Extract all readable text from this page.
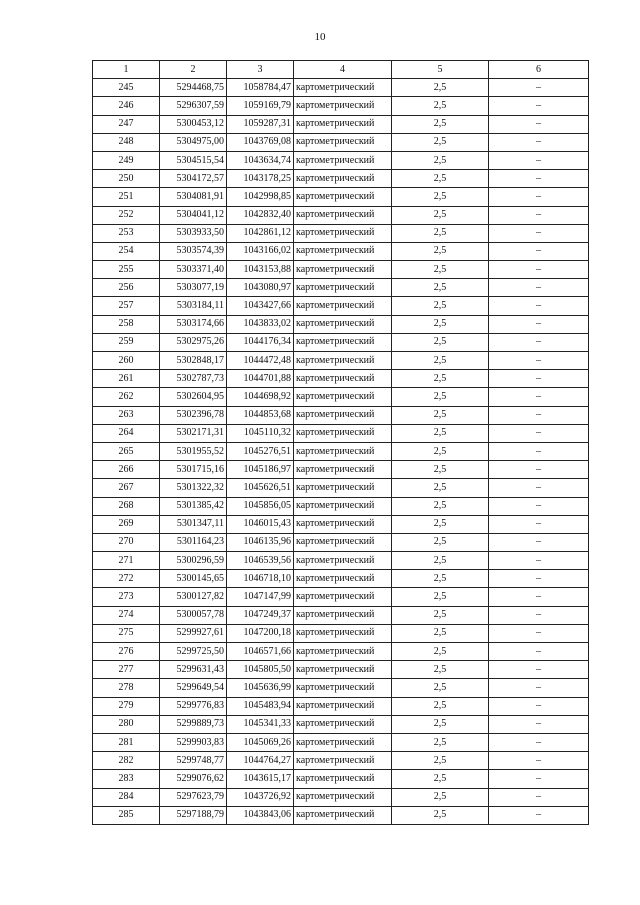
10
1	2	3	4	5	6
245	5294468,75	1058784,47	картометрический	2,5	–
246	5296307,59	1059169,79	картометрический	2,5	–
247	5300453,12	1059287,31	картометрический	2,5	–
248	5304975,00	1043769,08	картометрический	2,5	–
249	5304515,54	1043634,74	картометрический	2,5	–
250	5304172,57	1043178,25	картометрический	2,5	–
251	5304081,91	1042998,85	картометрический	2,5	–
252	5304041,12	1042832,40	картометрический	2,5	–
253	5303933,50	1042861,12	картометрический	2,5	–
254	5303574,39	1043166,02	картометрический	2,5	–
255	5303371,40	1043153,88	картометрический	2,5	–
256	5303077,19	1043080,97	картометрический	2,5	–
257	5303184,11	1043427,66	картометрический	2,5	–
258	5303174,66	1043833,02	картометрический	2,5	–
259	5302975,26	1044176,34	картометрический	2,5	–
260	5302848,17	1044472,48	картометрический	2,5	–
261	5302787,73	1044701,88	картометрический	2,5	–
262	5302604,95	1044698,92	картометрический	2,5	–
263	5302396,78	1044853,68	картометрический	2,5	–
264	5302171,31	1045110,32	картометрический	2,5	–
265	5301955,52	1045276,51	картометрический	2,5	–
266	5301715,16	1045186,97	картометрический	2,5	–
267	5301322,32	1045626,51	картометрический	2,5	–
268	5301385,42	1045856,05	картометрический	2,5	–
269	5301347,11	1046015,43	картометрический	2,5	–
270	5301164,23	1046135,96	картометрический	2,5	–
271	5300296,59	1046539,56	картометрический	2,5	–
272	5300145,65	1046718,10	картометрический	2,5	–
273	5300127,82	1047147,99	картометрический	2,5	–
274	5300057,78	1047249,37	картометрический	2,5	–
275	5299927,61	1047200,18	картометрический	2,5	–
276	5299725,50	1046571,66	картометрический	2,5	–
277	5299631,43	1045805,50	картометрический	2,5	–
278	5299649,54	1045636,99	картометрический	2,5	–
279	5299776,83	1045483,94	картометрический	2,5	–
280	5299889,73	1045341,33	картометрический	2,5	–
281	5299903,83	1045069,26	картометрический	2,5	–
282	5299748,77	1044764,27	картометрический	2,5	–
283	5299076,62	1043615,17	картометрический	2,5	–
284	5297623,79	1043726,92	картометрический	2,5	–
285	5297188,79	1043843,06	картометрический	2,5	–
